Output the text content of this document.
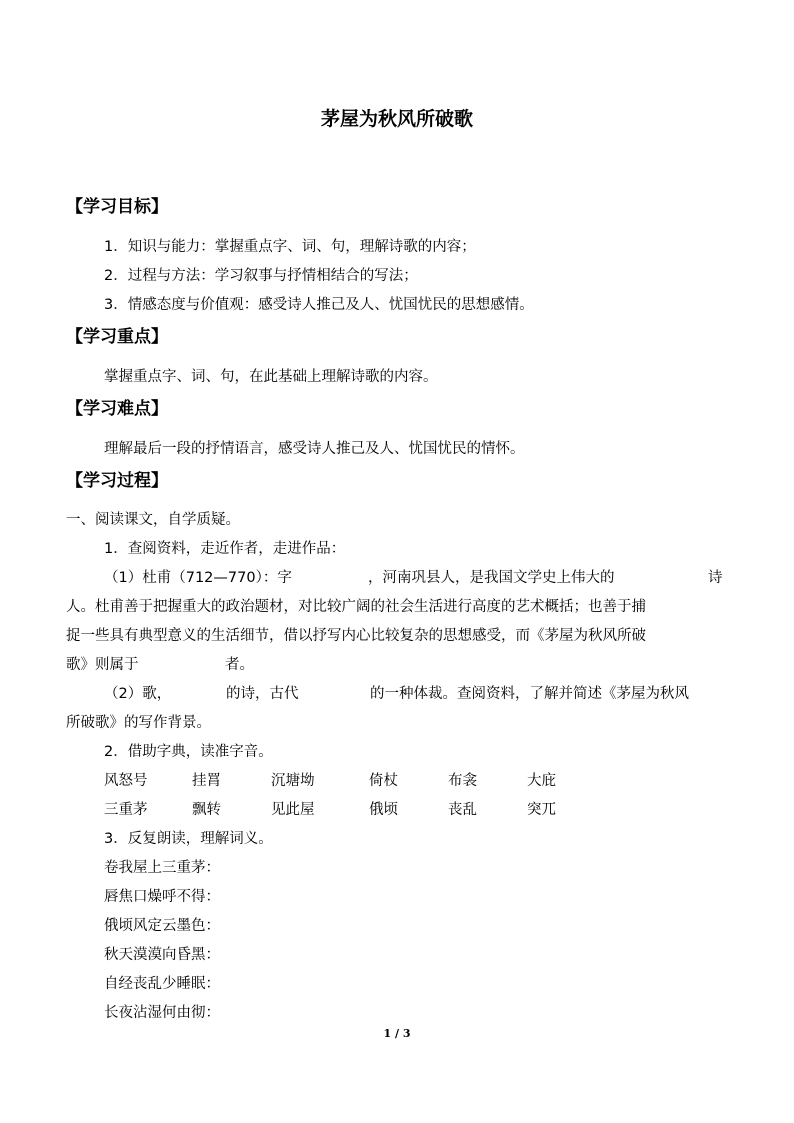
茅屋为秋风所破歌
【学习目标】
1．知识与能力：掌握重点字、词、句，理解诗歌的内容；
2．过程与方法：学习叙事与抒情相结合的写法；
3．情感态度与价值观：感受诗人推己及人、忧国忧民的思想感情。
【学习重点】
掌握重点字、词、句，在此基础上理解诗歌的内容。
【学习难点】
理解最后一段的抒情语言，感受诗人推己及人、忧国忧民的情怀。
【学习过程】
一、阅读课文，自学质疑。
1．查阅资料，走近作者，走进作品：
（1）杜甫（712—770）：字	，河南巩县人，是我国文学史上伟大的	诗
人。杜甫善于把握重大的政治题材，对比较广阔的社会生活进行高度的艺术概括；也善于捕
捉一些具有典型意义的生活细节，借以抒写内心比较复杂的思想感受，而《茅屋为秋风所破
歌》则属于	者。
（2）歌，	的诗，古代	的一种体裁。查阅资料，了解并简述《茅屋为秋风
所破歌》的写作背景。
2．借助字典，读准字音。
风怒号	挂罥	沉塘坳	倚杖	布衾	大庇
三重茅	飘转	见此屋	俄顷	丧乱	突兀
3．反复朗读，理解词义。
卷我屋上三重茅：
唇焦口燥呼不得：
俄顷风定云墨色：
秋天漠漠向昏黑：
自经丧乱少睡眠：
长夜沾湿何由彻：
1 / 3
